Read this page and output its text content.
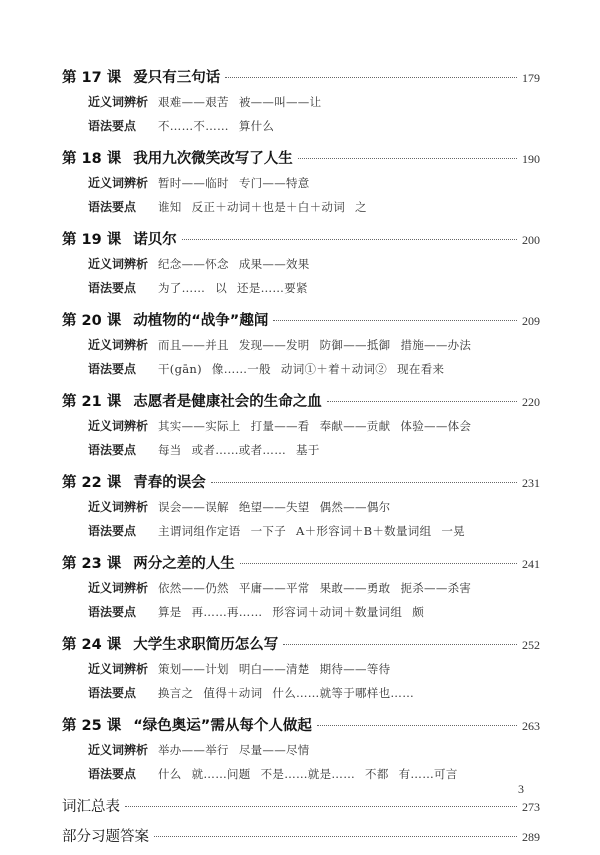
第 17 课 爱只有三句话	179
近义词辨析 艰难——艰苦 被——叫——让
语法要点	不……不…… 算什么
第 18 课 我用九次微笑改写了人生	190
近义词辨析 暂时——临时 专门——特意
语法要点	谁知 反正＋动词＋也是＋白＋动词 之
第 19 课 诺贝尔	200
近义词辨析 纪念——怀念 成果——效果
语法要点	为了…… 以 还是……要紧
第 20 课 动植物的“战争”趣闻	209
近义词辨析 而且——并且 发现——发明 防御——抵御 措施——办法
语法要点	干(gān) 像……一般 动词①＋着＋动词② 现在看来
第 21 课 志愿者是健康社会的生命之血	220
近义词辨析 其实——实际上 打量——看 奉献——贡献 体验——体会
语法要点	每当 或者……或者…… 基于
第 22 课 青春的误会	231
近义词辨析 误会——误解 绝望——失望 偶然——偶尔
语法要点	主谓词组作定语 一下子 A＋形容词＋B＋数量词组 一晃
第 23 课 两分之差的人生	241
近义词辨析 依然——仍然 平庸——平常 果敢——勇敢 扼杀——杀害
语法要点	算是 再……再…… 形容词＋动词＋数量词组 颇
第 24 课 大学生求职简历怎么写	252
近义词辨析 策划——计划 明白——清楚 期待——等待
语法要点	换言之 值得＋动词 什么……就等于哪样也……
第 25 课 “绿色奥运”需从每个人做起	263
近义词辨析 举办——举行 尽量——尽情
语法要点	什么 就……问题 不是……就是…… 不都 有……可言
词汇总表	273
部分习题答案	289
3
